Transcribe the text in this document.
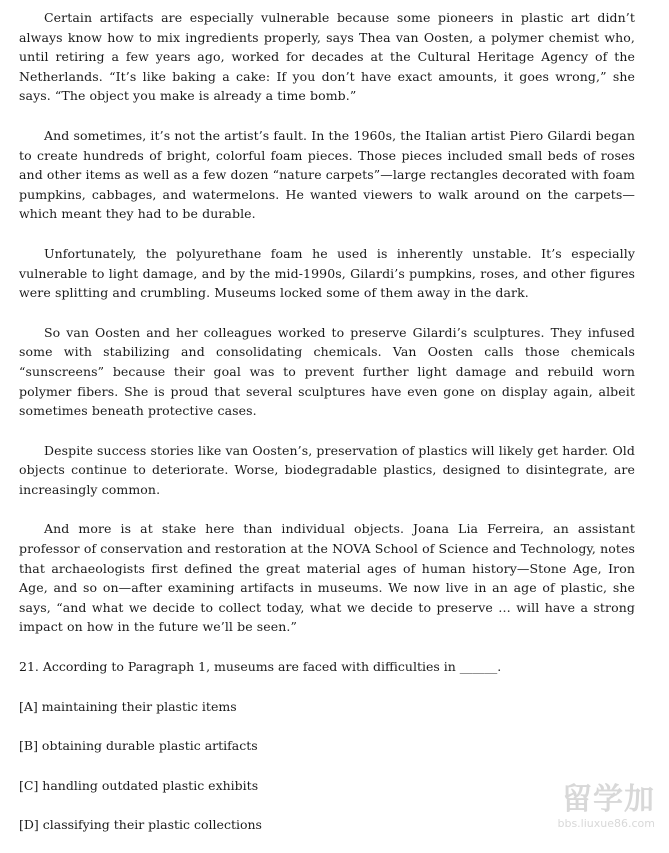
Certain artifacts are especially vulnerable because some pioneers in plastic art didn’t always know how to mix ingredients properly, says Thea van Oosten, a polymer chemist who, until retiring a few years ago, worked for decades at the Cultural Heritage Agency of the Netherlands. “It’s like baking a cake: If you don’t have exact amounts, it goes wrong,” she says. “The object you make is already a time bomb.”

And sometimes, it’s not the artist’s fault. In the 1960s, the Italian artist Piero Gilardi began to create hundreds of bright, colorful foam pieces. Those pieces included small beds of roses and other items as well as a few dozen “nature carpets”—large rectangles decorated with foam pumpkins, cabbages, and watermelons. He wanted viewers to walk around on the carpets—which meant they had to be durable.

Unfortunately, the polyurethane foam he used is inherently unstable. It’s especially vulnerable to light damage, and by the mid-1990s, Gilardi’s pumpkins, roses, and other figures were splitting and crumbling. Museums locked some of them away in the dark.

So van Oosten and her colleagues worked to preserve Gilardi’s sculptures. They infused some with stabilizing and consolidating chemicals. Van Oosten calls those chemicals “sunscreens” because their goal was to prevent further light damage and rebuild worn polymer fibers. She is proud that several sculptures have even gone on display again, albeit sometimes beneath protective cases.

Despite success stories like van Oosten’s, preservation of plastics will likely get harder. Old objects continue to deteriorate. Worse, biodegradable plastics, designed to disintegrate, are increasingly common.

And more is at stake here than individual objects. Joana Lia Ferreira, an assistant professor of conservation and restoration at the NOVA School of Science and Technology, notes that archaeologists first defined the great material ages of human history—Stone Age, Iron Age, and so on—after examining artifacts in museums. We now live in an age of plastic, she says, “and what we decide to collect today, what we decide to preserve … will have a strong impact on how in the future we’ll be seen.”

21. According to Paragraph 1, museums are faced with difficulties in ______.

[A] maintaining their plastic items

[B] obtaining durable plastic artifacts

[C] handling outdated plastic exhibits

[D] classifying their plastic collections

留学加
bbs.liuxue86.com
